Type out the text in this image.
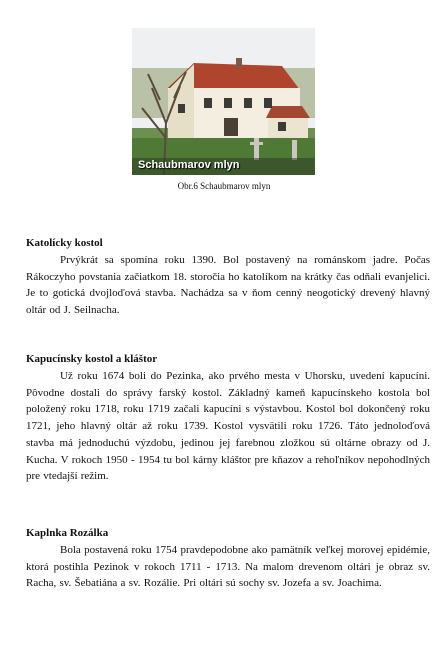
Schaubmarov mlyn
Obr.6 Schaubmarov mlyn

Katolícky kostol

Prvýkrát sa spomína roku 1390. Bol postavený na románskom jadre. Počas Rákoczyho povstania začiatkom 18. storočia ho katolíkom na krátky čas odňali evanjelici. Je to gotická dvojloďová stavba. Nachádza sa v ňom cenný neogotický drevený hlavný oltár od J. Seilnacha.

Kapucínsky kostol a kláštor

Už roku 1674 boli do Pezinka, ako prvého mesta v Uhorsku, uvedení kapucíni. Pôvodne dostali do správy farský kostol. Základný kameň kapucínskeho kostola bol položený roku 1718, roku 1719 začali kapucíni s výstavbou. Kostol bol dokončený roku 1721, jeho hlavný oltár až roku 1739. Kostol vysvätili roku 1726. Táto jednoloďová stavba má jednoduchú výzdobu, jedinou jej farebnou zložkou sú oltárne obrazy od J. Kucha. V rokoch 1950 - 1954 tu bol kárny kláštor pre kňazov a rehoľníkov nepohodlných pre vtedajší režim.

Kaplnka Rozálka

Bola postavená roku 1754 pravdepodobne ako pamätník veľkej morovej epidémie, ktorá postihla Pezinok v rokoch 1711 - 1713. Na malom drevenom oltári je obraz sv. Racha, sv. Šebatiána a sv. Rozálie. Pri oltári sú sochy sv. Jozefa a sv. Joachima.
